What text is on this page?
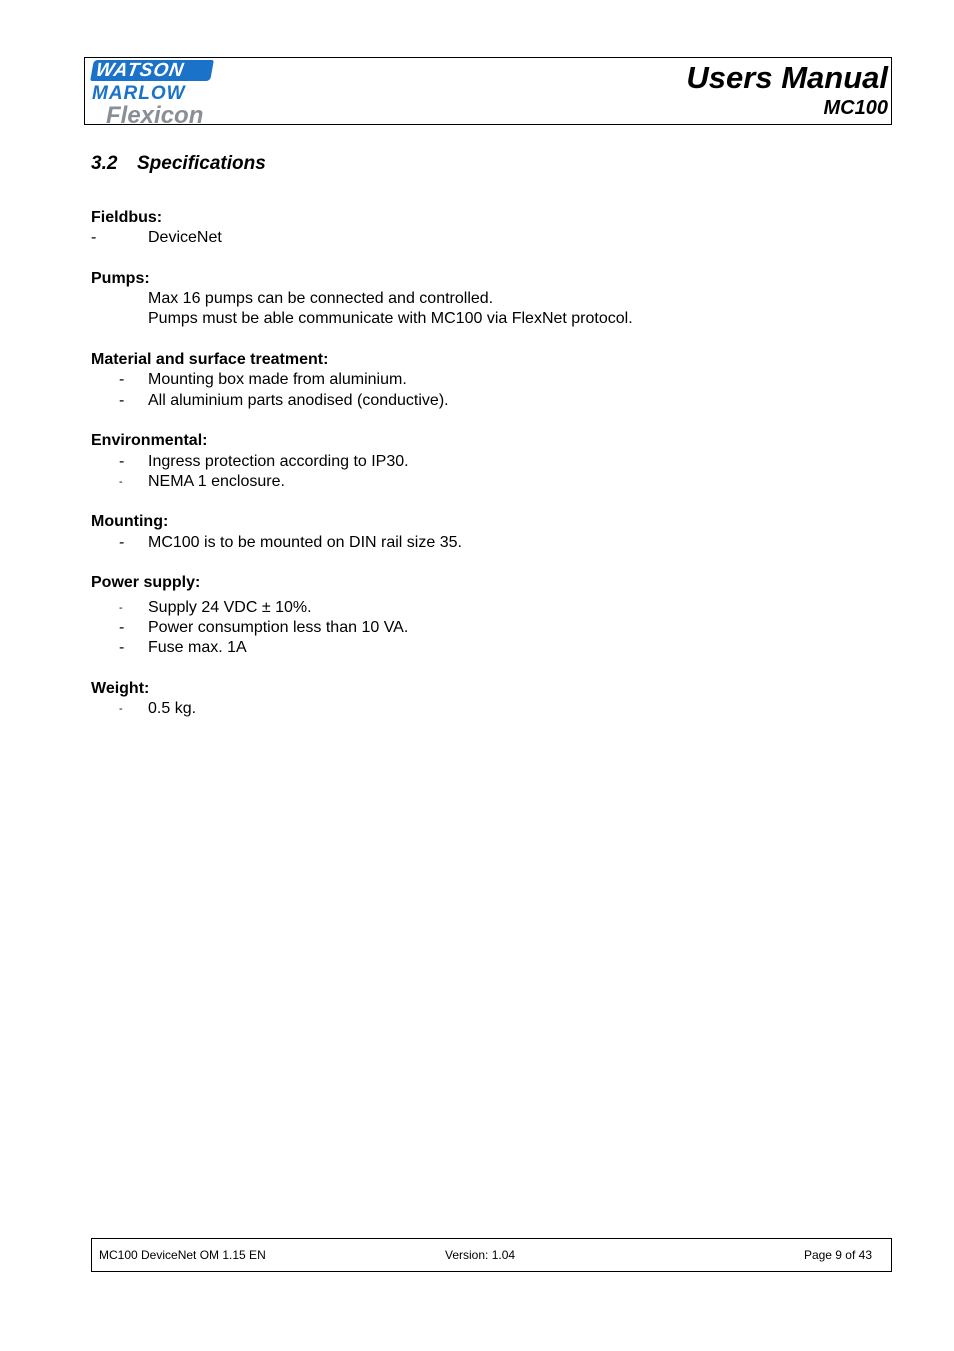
WATSON
MARLOW
Flexicon
Users Manual
MC100
3.2 Specifications
Fieldbus:
-	DeviceNet
Pumps:
Max 16 pumps can be connected and controlled.
Pumps must be able communicate with MC100 via FlexNet protocol.
Material and surface treatment:
- Mounting box made from aluminium.
- All aluminium parts anodised (conductive).
Environmental:
- Ingress protection according to IP30.
- NEMA 1 enclosure.
Mounting:
- MC100 is to be mounted on DIN rail size 35.
Power supply:
- Supply 24 VDC ± 10%.
- Power consumption less than 10 VA.
- Fuse max. 1A
Weight:
- 0.5 kg.
MC100 DeviceNet OM 1.15 EN	Version: 1.04	Page 9 of 43
